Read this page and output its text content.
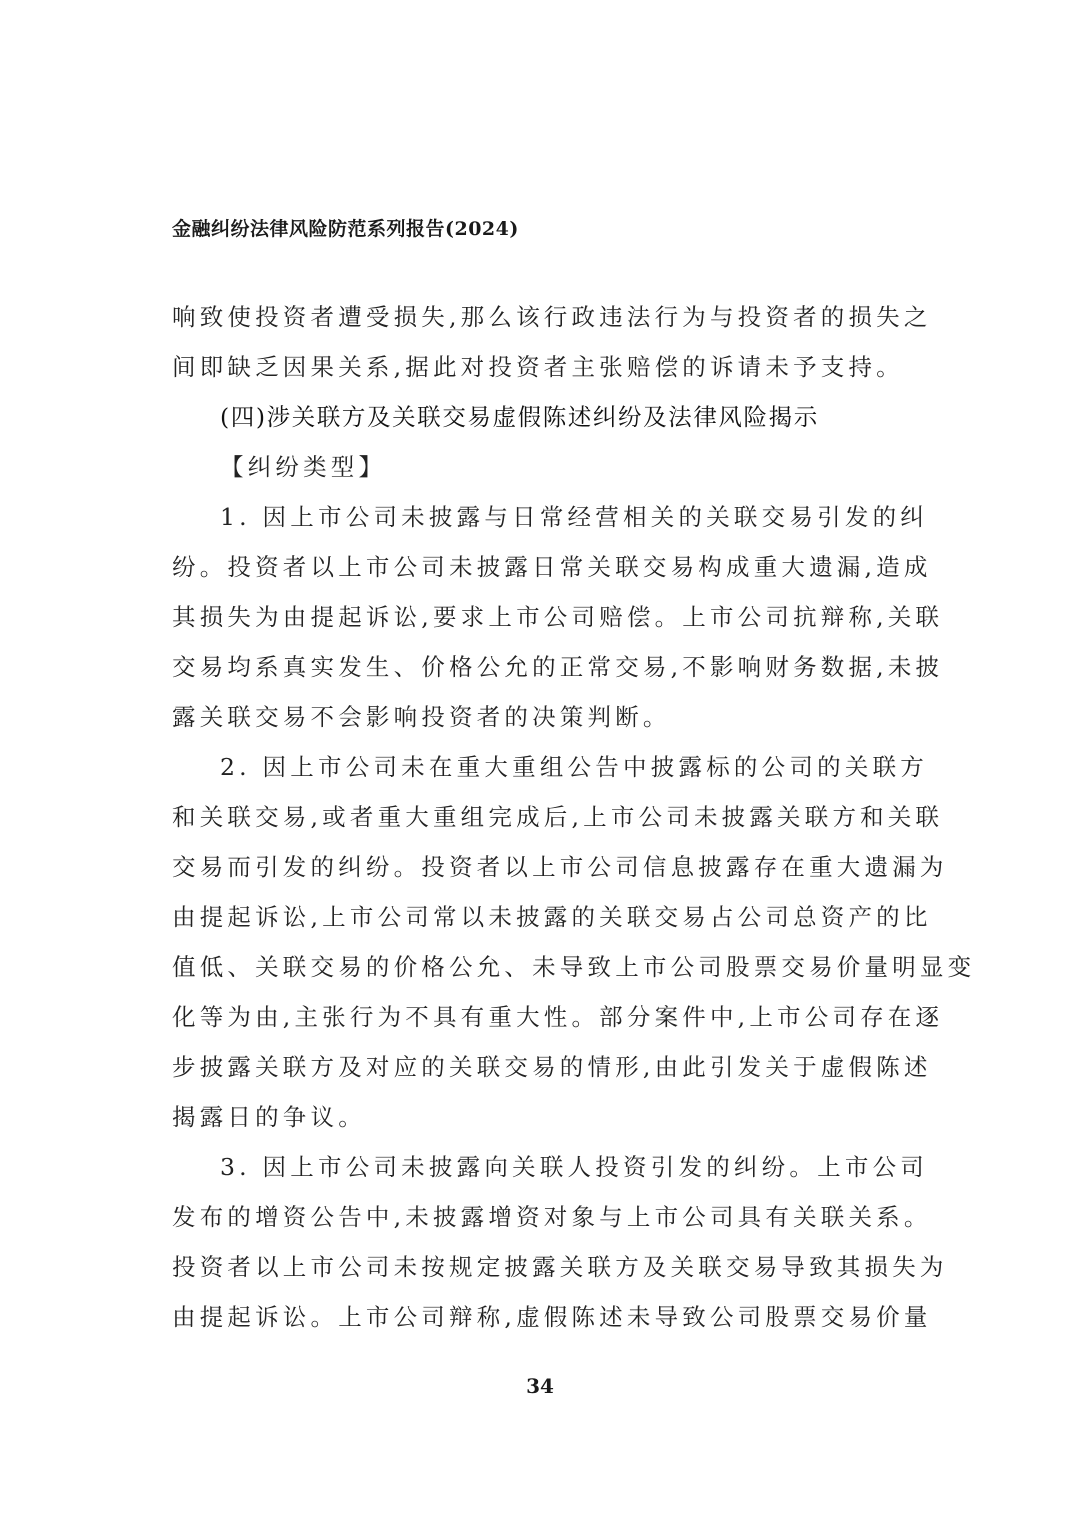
金融纠纷法律风险防范系列报告(2024)

响致使投资者遭受损失,那么该行政违法行为与投资者的损失之
间即缺乏因果关系,据此对投资者主张赔偿的诉请未予支持。

(四)涉关联方及关联交易虚假陈述纠纷及法律风险揭示
【纠纷类型】

1. 因上市公司未披露与日常经营相关的关联交易引发的纠
纷。投资者以上市公司未披露日常关联交易构成重大遗漏,造成
其损失为由提起诉讼,要求上市公司赔偿。上市公司抗辩称,关联
交易均系真实发生、价格公允的正常交易,不影响财务数据,未披
露关联交易不会影响投资者的决策判断。

2. 因上市公司未在重大重组公告中披露标的公司的关联方
和关联交易,或者重大重组完成后,上市公司未披露关联方和关联
交易而引发的纠纷。投资者以上市公司信息披露存在重大遗漏为
由提起诉讼,上市公司常以未披露的关联交易占公司总资产的比
值低、关联交易的价格公允、未导致上市公司股票交易价量明显变
化等为由,主张行为不具有重大性。部分案件中,上市公司存在逐
步披露关联方及对应的关联交易的情形,由此引发关于虚假陈述
揭露日的争议。

3. 因上市公司未披露向关联人投资引发的纠纷。上市公司
发布的增资公告中,未披露增资对象与上市公司具有关联关系。
投资者以上市公司未按规定披露关联方及关联交易导致其损失为
由提起诉讼。上市公司辩称,虚假陈述未导致公司股票交易价量

34
